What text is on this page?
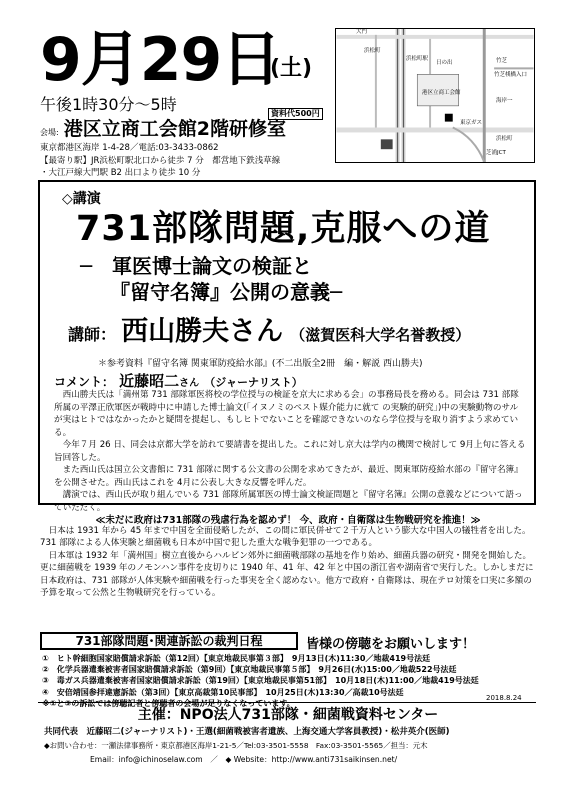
9月29日
(土)
午後1時30分～5時	資料代500円
会場: 港区立商工会館2階研修室
東京都港区海岸 1-4-28／電話:03-3433-0862
【最寄り駅】JR浜松町駅北口から徒歩 7 分　都営地下鉄浅草線
・大江戸線大門駅 B2 出口より徒歩 10 分
大門
浜松町
浜松町駅
日の出	竹芝
竹芝桟橋入口
海岸一
東京ガス
浜松町
芝浦JCT
港区立商工会館
◇講演
731部隊問題,克服への道
─　軍医博士論文の検証と
『留守名簿』公開の意義─
講師： 西山勝夫さん （滋賀医科大学名誉教授）
＊参考資料『留守名簿 関東軍防疫給水部』(不二出版全2冊　編・解説 西山勝夫)
コメント： 近藤昭二さん （ジャーナリスト）

西山勝夫氏は「満州第 731 部隊軍医将校の学位授与の検証を京大に求める会」の事務局長を務める。同会は 731 部隊所属の平澤正欣軍医が戦時中に申請した博士論文(「イヌノミのペスト媒介能力に就て の実験的研究」)中の実験動物のサルが実はヒトではなかったかと疑問を提起し、もしヒトでないことを確認できないのなら学位授与を取り消すよう求めている。

今年７月 26 日、同会は京都大学を訪れて要請書を提出した。これに対し京大は学内の機関で検討して 9月上旬に答える旨回答した。

また西山氏は国立公文書館に 731 部隊に関する公文書の公開を求めてきたが、最近、関東軍防疫給水部の『留守名簿』を公開させた。西山氏はこれを 4月に公表し大きな反響を呼んだ。

講演では、西山氏が取り組んでいる 731 部隊所属軍医の博士論文検証問題と『留守名簿』公開の意義などについて語っていただく。

≪未だに政府は731部隊の残虐行為を認めず！ 今、政府・自衛隊は生物戦研究を推進！≫

日本は 1931 年から 45 年まで中国を全面侵略したが、この間に軍民併せて２千万人という膨大な中国人の犠牲者を出した。731 部隊による人体実験と細菌戦も日本が中国で犯した重大な戦争犯罪の一つである。

日本軍は 1932 年「満州国」樹立直後からハルビン郊外に細菌戦部隊の基地を作り始め、細菌兵器の研究・開発を開始した。更に細菌戦を 1939 年のノモンハン事件を皮切りに 1940 年、41 年、42 年と中国の浙江省や湖南省で実行した。しかしまだに日本政府は、731 部隊が人体実験や細菌戦を行った事実を全く認めない。他方で政府・自衛隊は、現在テロ対策を口実に多額の予算を取って公然と生物戦研究を行っている。

731部隊問題･関連訴訟の裁判日程	皆様の傍聴をお願いします！
①　ヒト幹細胞国家賠償請求訴訟（第12回）【東京地裁民事第３部】　9月13日(木)11:30／地裁419号法廷
②　化学兵器遺棄被害者国家賠償請求訴訟（第9回）【東京地裁民事第５部】　9月26日(水)15:00／地裁522号法廷
③　毒ガス兵器遺棄被害者国家賠償請求訴訟（第19回）【東京地裁民事第51部】　10月18日(木)11:00／地裁419号法廷
④　安倍靖国参拝違憲訴訟（第3回）【東京高裁第10民事部】　10月25日(木)13:30／高裁10号法廷
※①と③の訴訟では傍聴記者と傍聴者の会場が足りなくなっています。
2018.8.24
主催：NPO法人731部隊・細菌戦資料センター
共同代表　近藤昭二(ジャーナリスト)・王選(細菌戦被害者遺族、上海交通大学客員教授)・松井英介(医師)
◆お問い合わせ：一瀬法律事務所・東京都港区海岸1-21-5／Tel:03-3501-5558　Fax:03-3501-5565／担当：元木
Email：info@ichinoselaw.com　／　◆ Website：http://www.anti731saikinsen.net/
